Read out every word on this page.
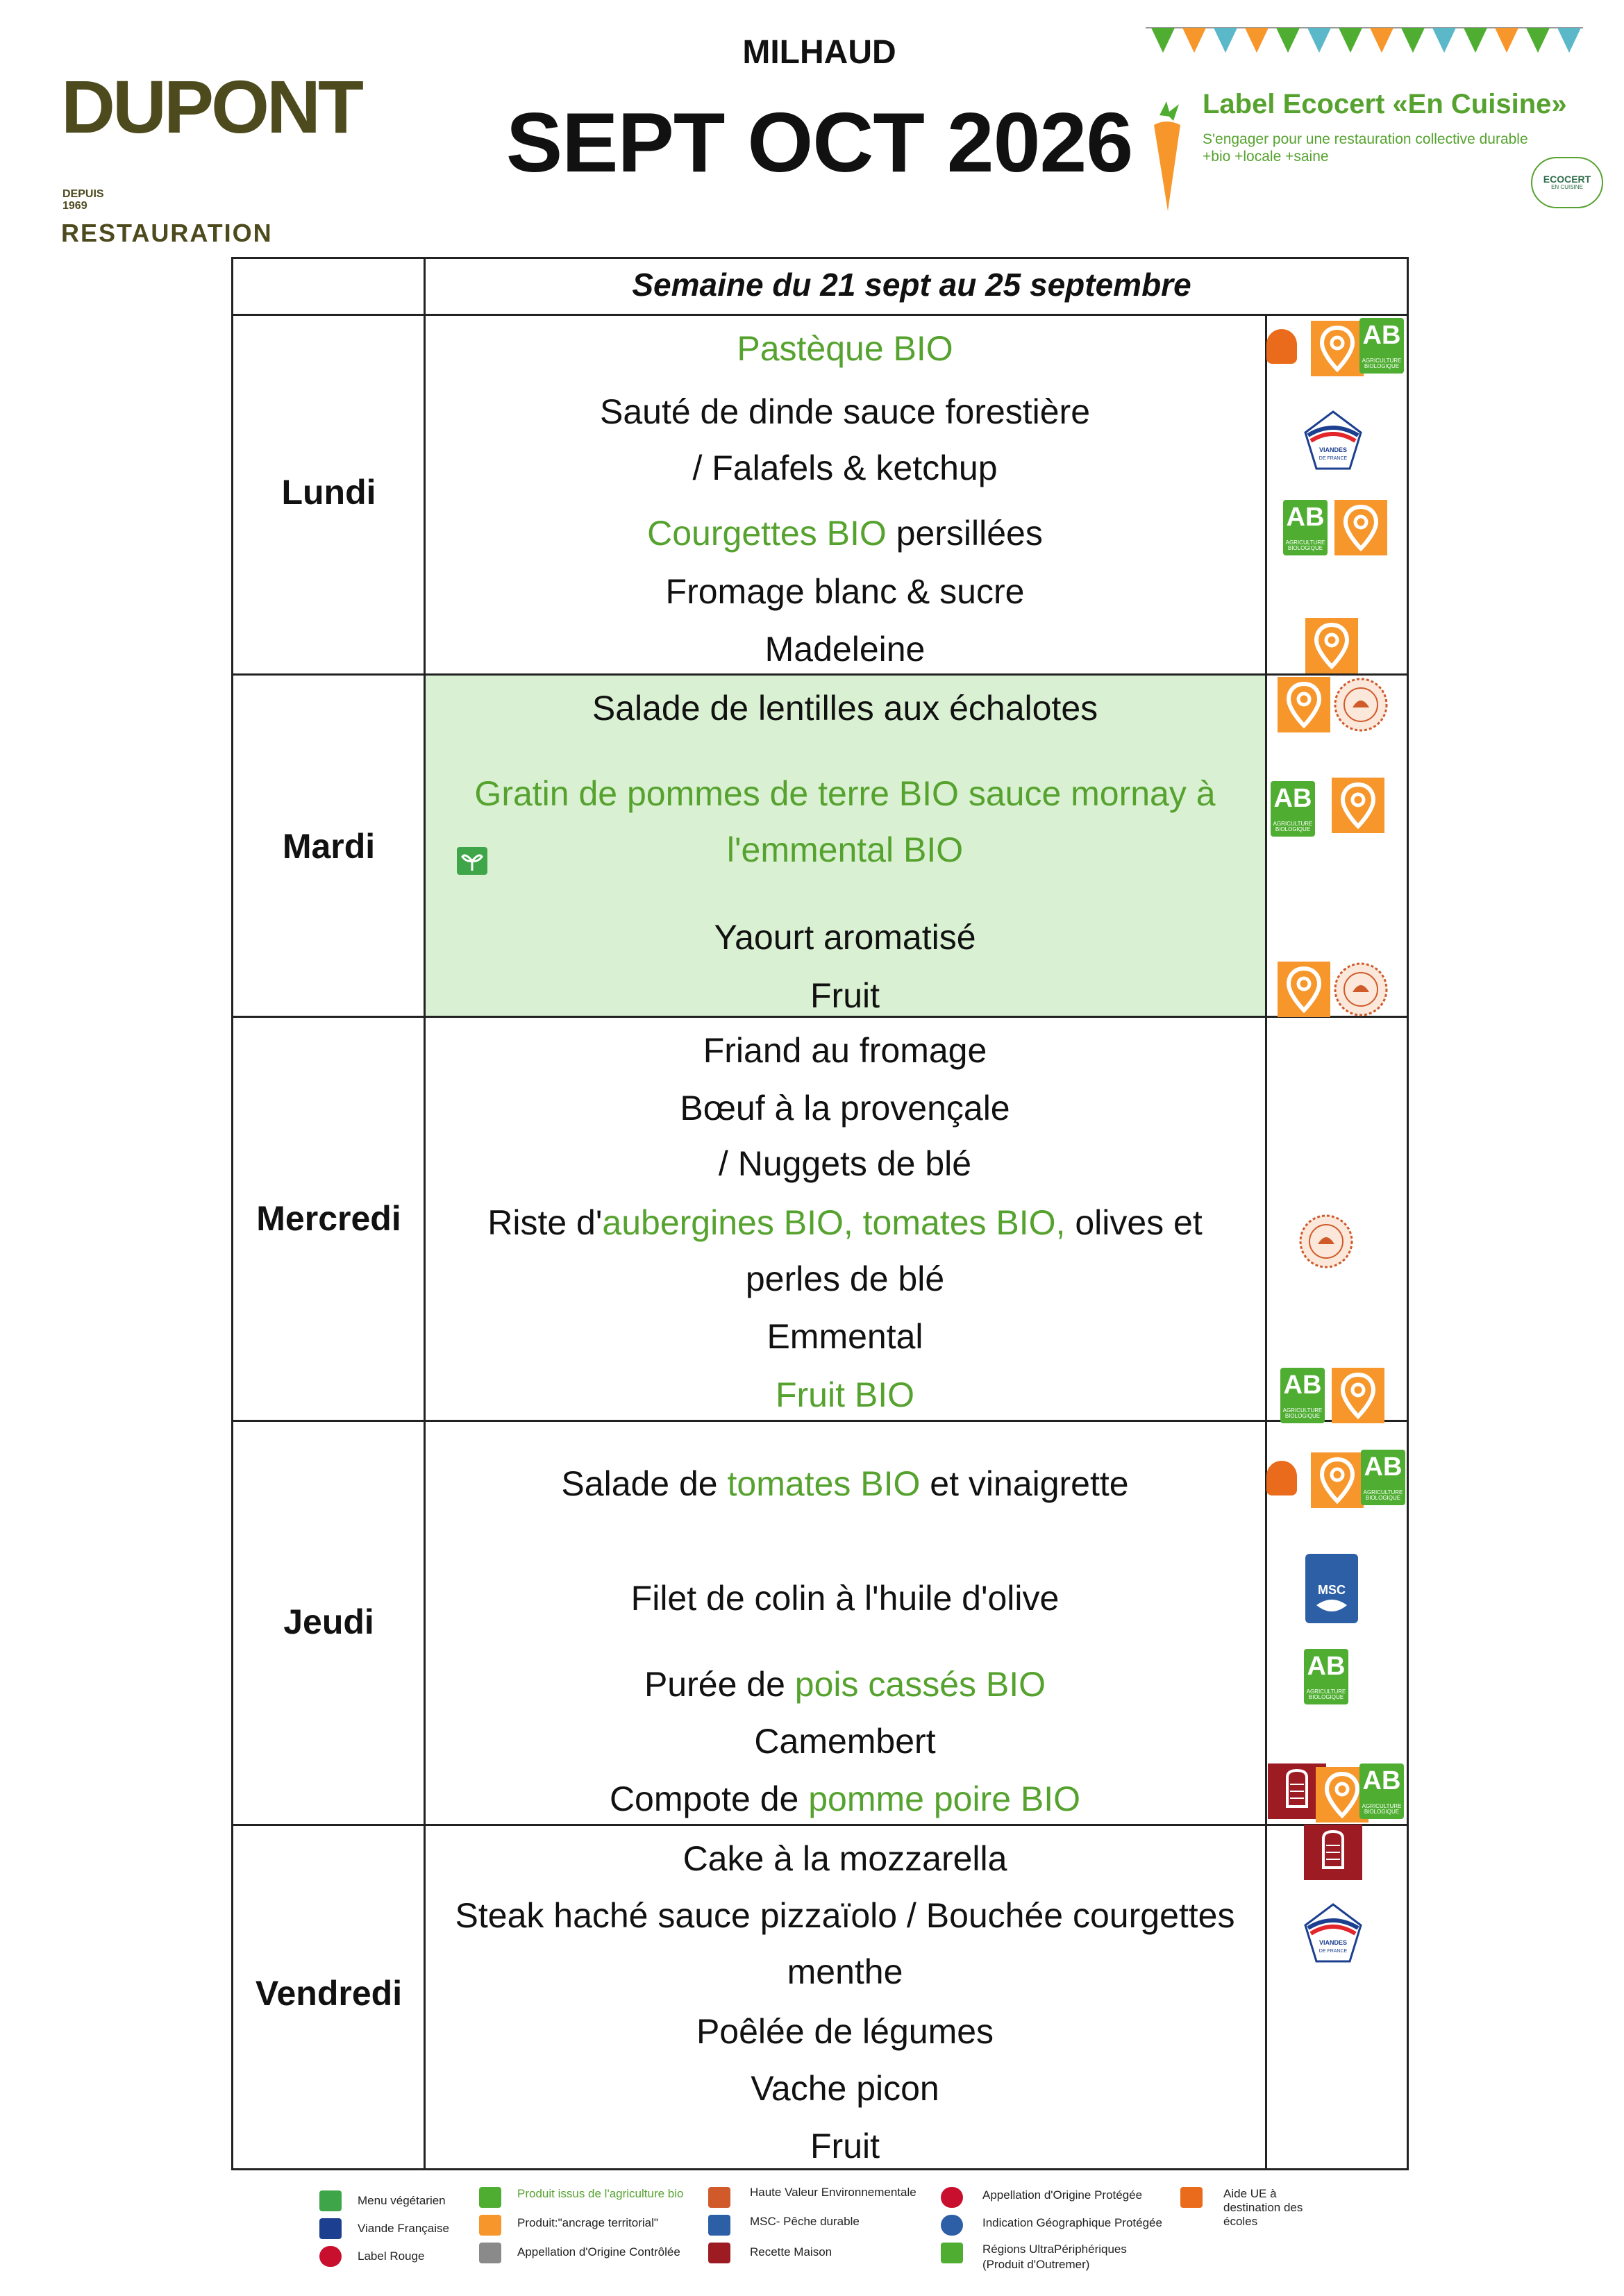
DUPONT
DEPUIS
1969
RESTAURATION
MILHAUD
SEPT OCT 2026	Label Ecocert «En Cuisine»
S'engager pour une restauration collective durable
+bio +locale +saine
ECOCERT
EN CUISINE
Semaine du 21 sept au 25 septembre
Lundi
Pastèque BIO
Sauté de dinde sauce forestière
/ Falafels & ketchup
Courgettes BIO persillées
Fromage blanc & sucre
Madeleine
AB
AGRICULTURE BIOLOGIQUE
VIANDES
DE FRANCE
AB
AGRICULTURE BIOLOGIQUE
Mardi
Salade de lentilles aux échalotes
Gratin de pommes de terre BIO sauce mornay à
l'emmental BIO
Yaourt aromatisé
Fruit
AB
AGRICULTURE BIOLOGIQUE
Mercredi
Friand au fromage
Bœuf à la provençale
/ Nuggets de blé
Riste d'aubergines BIO, tomates BIO, olives et
perles de blé
Emmental
Fruit BIO	AB
AGRICULTURE BIOLOGIQUE
Jeudi
Salade de tomates BIO et vinaigrette
Filet de colin à l'huile d'olive
Purée de pois cassés BIO
Camembert
Compote de pomme poire BIO
AB
AGRICULTURE BIOLOGIQUE
MSC
AB
AGRICULTURE BIOLOGIQUE
AB
AGRICULTURE BIOLOGIQUE
Vendredi
Cake à la mozzarella
Steak haché sauce pizzaïolo / Bouchée courgettes
menthe
Poêlée de légumes
Vache picon
Fruit
VIANDES
DE FRANCE
Menu végétarien
Viande Française
Label Rouge
Produit issus de l'agriculture bio
Produit:"ancrage territorial"
Appellation d'Origine Contrôlée
Haute Valeur Environnementale
MSC- Pêche durable
Recette Maison
Appellation d'Origine Protégée
Indication Géographique Protégée
Régions UltraPériphériques
(Produit d'Outremer)
Aide UE à
destination des
écoles
